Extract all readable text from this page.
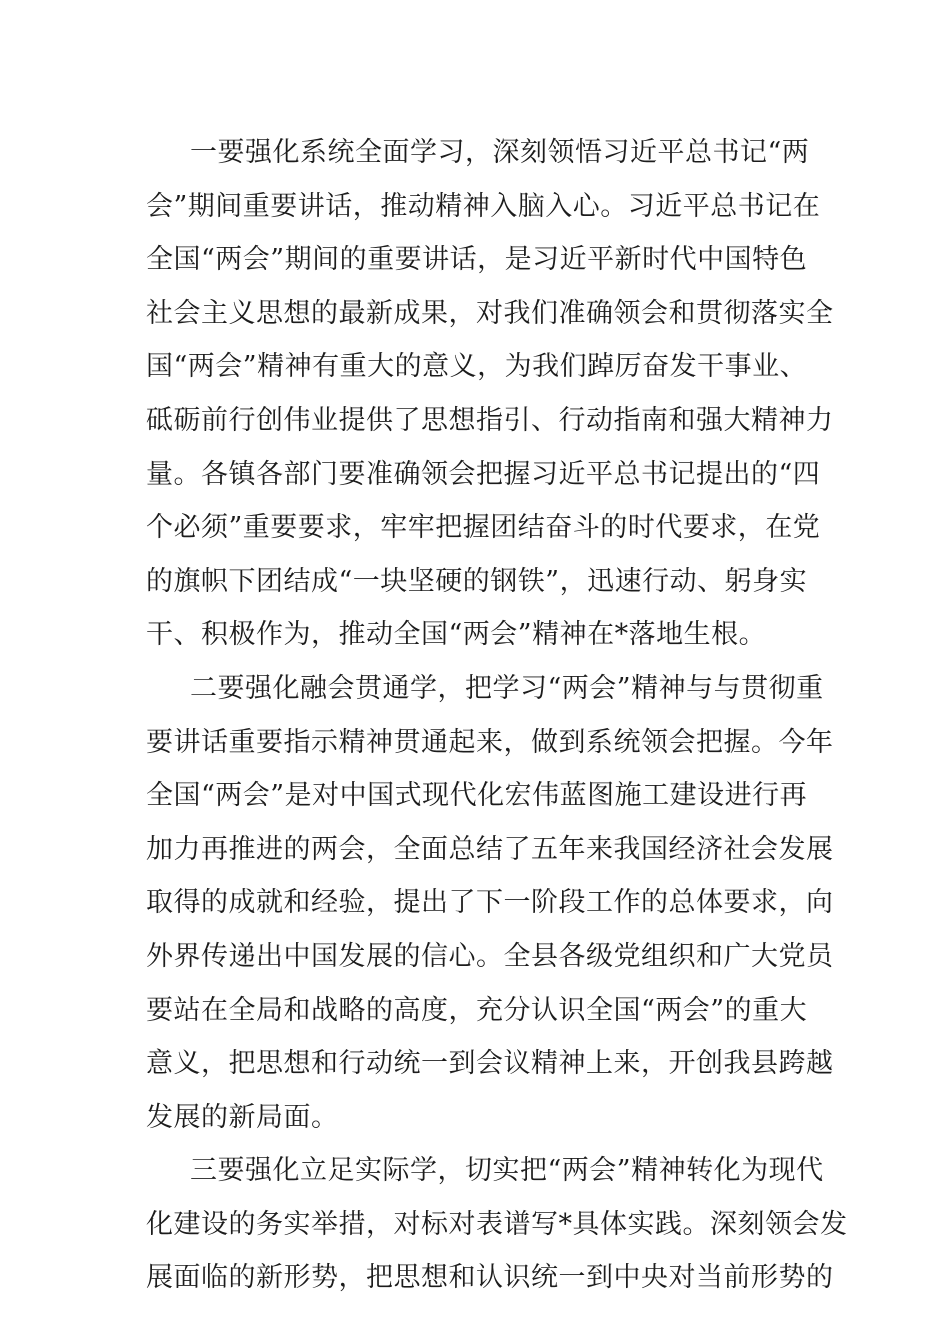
一要强化系统全面学习，深刻领悟习近平总书记“两
会”期间重要讲话，推动精神入脑入心。习近平总书记在
全国“两会”期间的重要讲话，是习近平新时代中国特色
社会主义思想的最新成果，对我们准确领会和贯彻落实全
国“两会”精神有重大的意义，为我们踔厉奋发干事业、
砥砺前行创伟业提供了思想指引、行动指南和强大精神力
量。各镇各部门要准确领会把握习近平总书记提出的“四
个必须”重要要求，牢牢把握团结奋斗的时代要求，在党
的旗帜下团结成“一块坚硬的钢铁”，迅速行动、躬身实
干、积极作为，推动全国“两会”精神在*落地生根。
二要强化融会贯通学，把学习“两会”精神与与贯彻重
要讲话重要指示精神贯通起来，做到系统领会把握。今年
全国“两会”是对中国式现代化宏伟蓝图施工建设进行再
加力再推进的两会，全面总结了五年来我国经济社会发展
取得的成就和经验，提出了下一阶段工作的总体要求，向
外界传递出中国发展的信心。全县各级党组织和广大党员
要站在全局和战略的高度，充分认识全国“两会”的重大
意义，把思想和行动统一到会议精神上来，开创我县跨越
发展的新局面。
三要强化立足实际学，切实把“两会”精神转化为现代
化建设的务实举措，对标对表谱写*具体实践。深刻领会发
展面临的新形势，把思想和认识统一到中央对当前形势的
